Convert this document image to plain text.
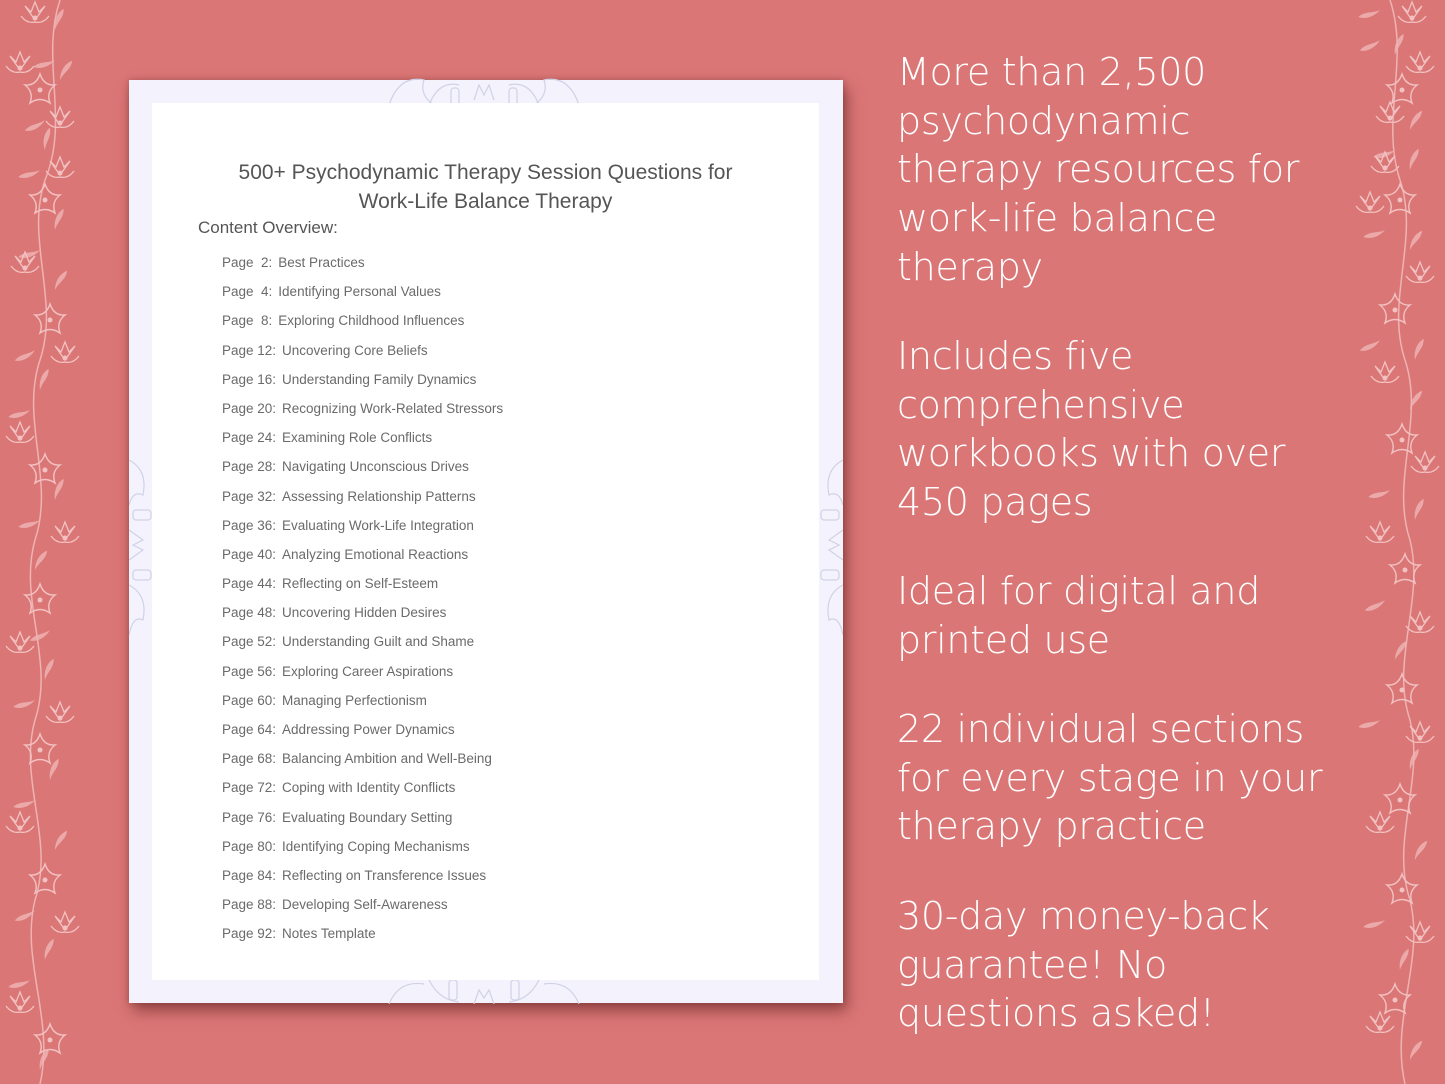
500+ Psychodynamic Therapy Session Questions for
Work-Life Balance Therapy
Content Overview:
Page  2: Best Practices
Page  4: Identifying Personal Values
Page  8: Exploring Childhood Influences
Page 12: Uncovering Core Beliefs
Page 16: Understanding Family Dynamics
Page 20: Recognizing Work-Related Stressors
Page 24: Examining Role Conflicts
Page 28: Navigating Unconscious Drives
Page 32: Assessing Relationship Patterns
Page 36: Evaluating Work-Life Integration
Page 40: Analyzing Emotional Reactions
Page 44: Reflecting on Self-Esteem
Page 48: Uncovering Hidden Desires
Page 52: Understanding Guilt and Shame
Page 56: Exploring Career Aspirations
Page 60: Managing Perfectionism
Page 64: Addressing Power Dynamics
Page 68: Balancing Ambition and Well-Being
Page 72: Coping with Identity Conflicts
Page 76: Evaluating Boundary Setting
Page 80: Identifying Coping Mechanisms
Page 84: Reflecting on Transference Issues
Page 88: Developing Self-Awareness
Page 92: Notes Template
More than 2,500
psychodynamic
therapy resources for
work-life balance
therapy
Includes five
comprehensive
workbooks with over
450 pages
Ideal for digital and
printed use
22 individual sections
for every stage in your
therapy practice
30-day money-back
guarantee! No
questions asked!
